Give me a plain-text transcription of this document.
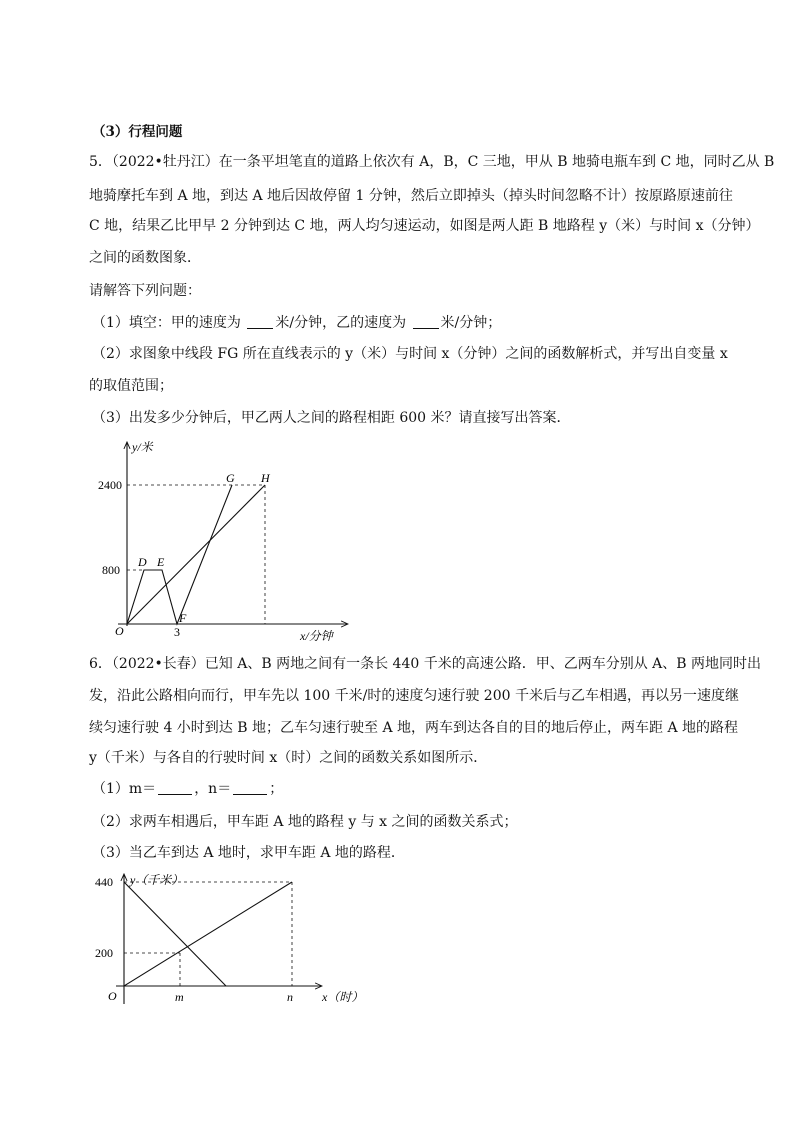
（3）行程问题
5．（2022•牡丹江）在一条平坦笔直的道路上依次有 A，B，C 三地，甲从 B 地骑电瓶车到 C 地，同时乙从 B
地骑摩托车到 A 地，到达 A 地后因故停留 1 分钟，然后立即掉头（掉头时间忽略不计）按原路原速前往
C 地，结果乙比甲早 2 分钟到达 C 地，两人均匀速运动，如图是两人距 B 地路程 y（米）与时间 x（分钟）
之间的函数图象．
请解答下列问题：
（1）填空：甲的速度为 米/分钟，乙的速度为 米/分钟；
（2）求图象中线段 FG 所在直线表示的 y（米）与时间 x（分钟）之间的函数解析式，并写出自变量 x
的取值范围；
（3）出发多少分钟后，甲乙两人之间的路程相距 600 米？请直接写出答案．
y/米
x/分钟
O
2400
800
3
D E
F
G H
6．（2022•长春）已知 A、B 两地之间有一条长 440 千米的高速公路．甲、乙两车分别从 A、B 两地同时出
发，沿此公路相向而行，甲车先以 100 千米/时的速度匀速行驶 200 千米后与乙车相遇，再以另一速度继
续匀速行驶 4 小时到达 B 地；乙车匀速行驶至 A 地，两车到达各自的目的地后停止，两车距 A 地的路程
y（千米）与各自的行驶时间 x（时）之间的函数关系如图所示．
（1）m＝	，n＝	；
（2）求两车相遇后，甲车距 A 地的路程 y 与 x 之间的函数关系式；
（3）当乙车到达 A 地时，求甲车距 A 地的路程．
y（千米）
x（时）
O
440
200
m	n
